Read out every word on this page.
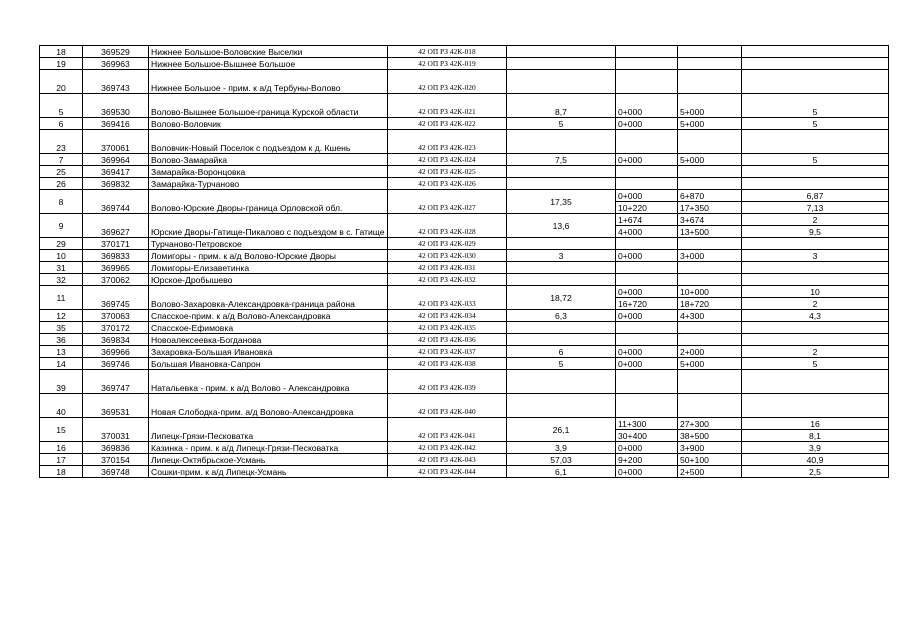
18	369529	Нижнее Большое-Воловские Выселки	42 ОП РЗ 42К-018				
19	369963	Нижнее Большое-Вышнее Большое	42 ОП РЗ 42К-019				
20	369743	Нижнее Большое - прим. к а/д Тербуны-Волово	42 ОП РЗ 42К-020				
5	369530	Волово-Вышнее Большое-граница Курской области	42 ОП РЗ 42К-021	8,7	0+000	5+000	5
6	369416	Волово-Воловчик	42 ОП РЗ 42К-022	5	0+000	5+000	5
23	370061	Воловчик-Новый Поселок с подъездом к д. Кшень	42 ОП РЗ 42К-023				
7	369964	Волово-Замарайка	42 ОП РЗ 42К-024	7,5	0+000	5+000	5
25	369417	Замарайка-Воронцовка	42 ОП РЗ 42К-025				
26	369832	Замарайка-Турчаново	42 ОП РЗ 42К-026				
8	369744	Волово-Юрские Дворы-граница Орловской обл.	42 ОП РЗ 42К-027	17,35	0+000	6+870	6,87
					10+220	17+350	7,13
9	369627	Юрские Дворы-Гатище-Пикалово с подъездом в с. Гатище	42 ОП РЗ 42К-028	13,6	1+674	3+674	2
					4+000	13+500	9,5
29	370171	Турчаново-Петровское	42 ОП РЗ 42К-029				
10	369833	Ломигоры - прим. к а/д Волово-Юрские Дворы	42 ОП РЗ 42К-030	3	0+000	3+000	3
31	369965	Ломигоры-Елизаветинка	42 ОП РЗ 42К-031				
32	370062	Юрское-Дробышево	42 ОП РЗ 42К-032				
11	369745	Волово-Захаровка-Александровка-граница района	42 ОП РЗ 42К-033	18,72	0+000	10+000	10
					16+720	18+720	2
12	370063	Спасское-прим. к а/д Волово-Александровка	42 ОП РЗ 42К-034	6,3	0+000	4+300	4,3
35	370172	Спасское-Ефимовка	42 ОП РЗ 42К-035				
36	369834	Новоалексеевка-Богданова	42 ОП РЗ 42К-036				
13	369966	Захаровка-Большая Ивановка	42 ОП РЗ 42К-037	6	0+000	2+000	2
14	369746	Большая Ивановка-Сапрон	42 ОП РЗ 42К-038	5	0+000	5+000	5
39	369747	Натальевка - прим. к а/д Волово - Александровка	42 ОП РЗ 42К-039				
40	369531	Новая Слободка-прим. а/д Волово-Александровка	42 ОП РЗ 42К-040				
15	370031	Липецк-Грязи-Песковатка	42 ОП РЗ 42К-041	26,1	11+300	27+300	16
					30+400	38+500	8,1
16	369836	Казинка - прим. к а/д Липецк-Грязи-Песковатка	42 ОП РЗ 42К-042	3,9	0+000	3+900	3,9
17	370154	Липецк-Октябрьское-Усмань	42 ОП РЗ 42К-043	57,03	9+200	50+100	40,9
18	369748	Сошки-прим. к а/д Липецк-Усмань	42 ОП РЗ 42К-044	6,1	0+000	2+500	2,5
